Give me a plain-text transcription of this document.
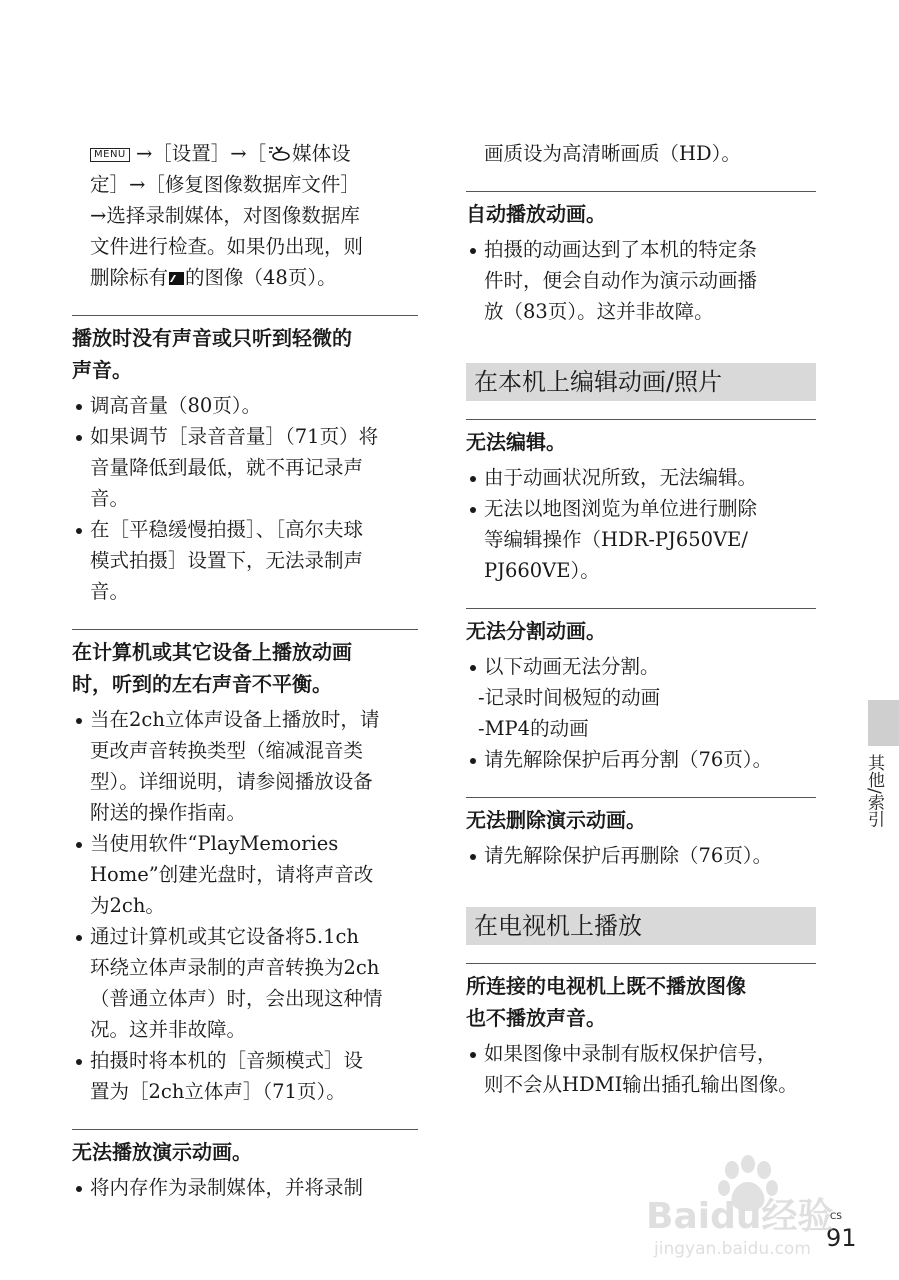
MENU →［设置］→［ 媒体设

定］→［修复图像数据库文件］

→选择录制媒体，对图像数据库

文件进行检查。如果仍出现，则

删除标有 的图像（48页）。

播放时没有声音或只听到轻微的

声音。

调高音量（80页）。

如果调节［录音音量］（71页）将
音量降低到最低，就不再记录声
音。
在［平稳缓慢拍摄］、［高尔夫球
模式拍摄］设置下，无法录制声
音。

在计算机或其它设备上播放动画

时，听到的左右声音不平衡。

当在2ch立体声设备上播放时，请
更改声音转换类型（缩减混音类
型）。详细说明，请参阅播放设备
附送的操作指南。
当使用软件“PlayMemories
Home”创建光盘时，请将声音改
为2ch。
通过计算机或其它设备将5.1ch
环绕立体声录制的声音转换为2ch
（普通立体声）时，会出现这种情
况。这并非故障。
拍摄时将本机的［音频模式］设
置为［2ch立体声］（71页）。

无法播放演示动画。

将内存作为录制媒体，并将录制

画质设为高清晰画质（HD）。

自动播放动画。

拍摄的动画达到了本机的特定条
件时，便会自动作为演示动画播
放（83页）。这并非故障。

在本机上编辑动画/照片

无法编辑。

由于动画状况所致，无法编辑。

无法以地图浏览为单位进行删除
等编辑操作（HDR-PJ650VE/
PJ660VE）。

无法分割动画。

以下动画无法分割。

-记录时间极短的动画

-MP4的动画

请先解除保护后再分割（76页）。

无法删除演示动画。

请先解除保护后再删除（76页）。

在电视机上播放

所连接的电视机上既不播放图像

也不播放声音。

如果图像中录制有版权保护信号，
则不会从HDMI输出插孔输出图像。
其他/索引
CS
91
Baidu经验
jingyan.baidu.com
